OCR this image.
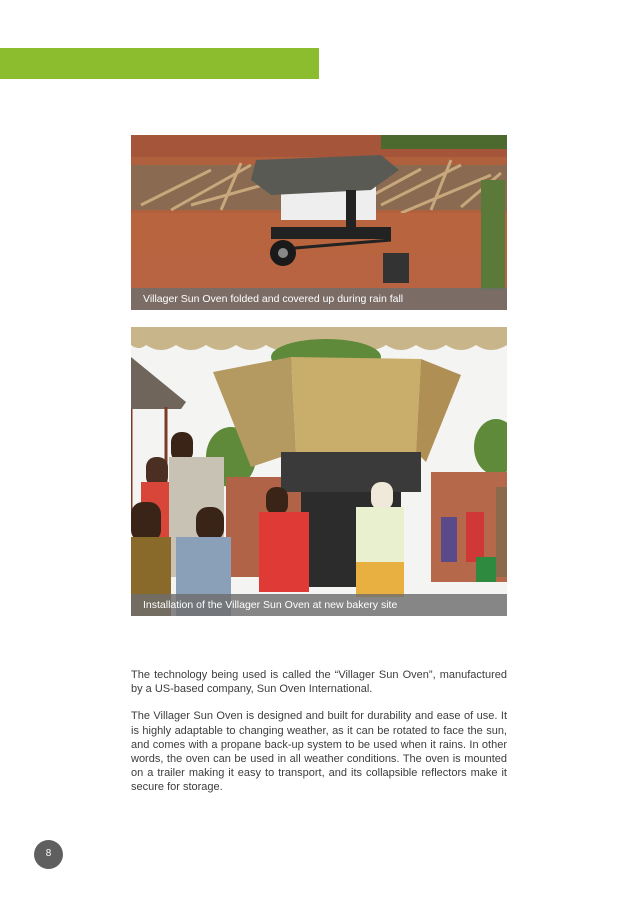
THE TECHNOLOGY
Villager Sun Oven folded and covered up during rain fall
Installation of the Villager Sun Oven at new bakery site

The technology being used is called the “Villager Sun Oven”, manufactured by a US-based company, Sun Oven International.

The Villager Sun Oven is designed and built for durability and ease of use. It is highly adaptable to changing weather, as it can be rotated to face the sun, and comes with a propane back-up system to be used when it rains. In other words, the oven can be used in all weather conditions. The oven is mounted on a trailer making it easy to transport, and its collapsible reflectors make it secure for storage.

8
